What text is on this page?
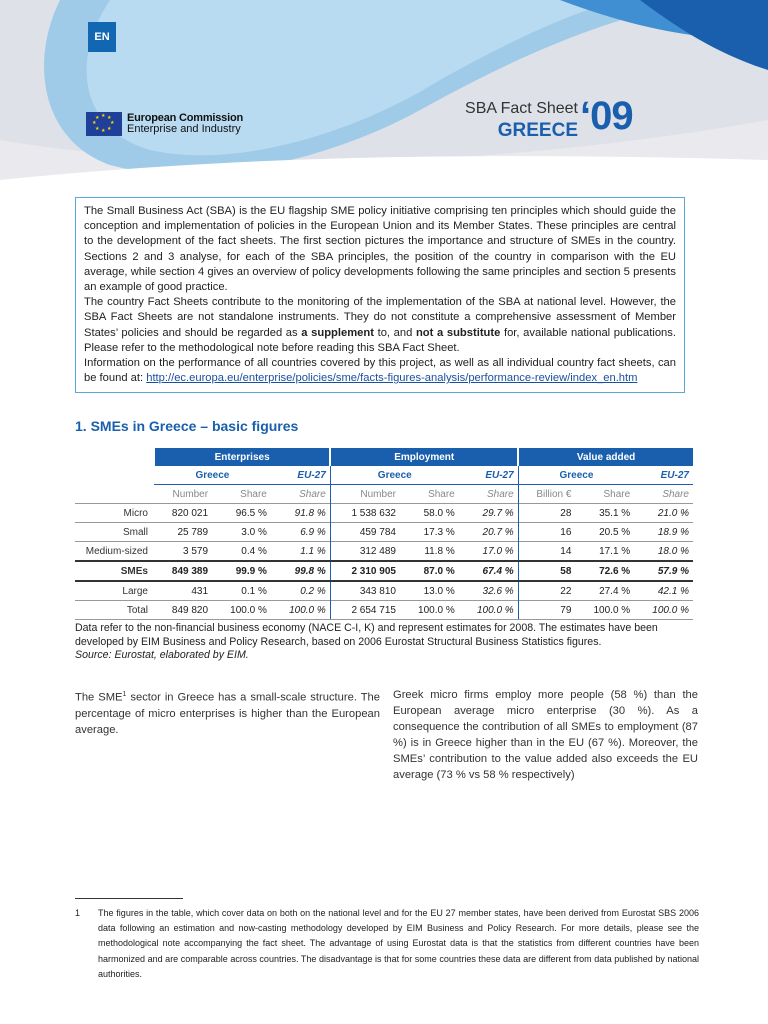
EN
★ ★
★
★
★
★
★
★	European Commission
Enterprise and Industry
SBA Fact Sheet
GREECE ‘09

The Small Business Act (SBA) is the EU flagship SME policy initiative comprising ten principles which should guide the conception and implementation of policies in the European Union and its Member States. These principles are central to the development of the fact sheets. The first section pictures the importance and structure of SMEs in the country. Sections 2 and 3 analyse, for each of the SBA principles, the position of the country in comparison with the EU average, while section 4 gives an overview of policy developments following the same principles and section 5 presents an example of good practice.

The country Fact Sheets contribute to the monitoring of the implementation of the SBA at national level. However, the SBA Fact Sheets are not standalone instruments. They do not constitute a comprehensive assessment of Member States’ policies and should be regarded as a supplement to, and not a substitute for, available national publications. Please refer to the methodological note before reading this SBA Fact Sheet.

Information on the performance of all countries covered by this project, as well as all individual country fact sheets, can be found at: http://ec.europa.eu/enterprise/policies/sme/facts-figures-analysis/performance-review/index_en.htm

1. SMEs in Greece – basic figures
	Enterprises			Employment			Value added		
	Greece		EU-27	Greece		EU-27	Greece		EU-27
	Number	Share	Share	Number	Share	Share	Billion €	Share	Share
Micro	820 021	96.5 %	91.8 %	1 538 632	58.0 %	29.7 %	28	35.1 %	21.0 %
Small	25 789	3.0 %	6.9 %	459 784	17.3 %	20.7 %	16	20.5 %	18.9 %
Medium-sized	3 579	0.4 %	1.1 %	312 489	11.8 %	17.0 %	14	17.1 %	18.0 %
SMEs	849 389	99.9 %	99.8 %	2 310 905	87.0 %	67.4 %	58	72.6 %	57.9 %
Large	431	0.1 %	0.2 %	343 810	13.0 %	32.6 %	22	27.4 %	42.1 %
Total	849 820	100.0 %	100.0 %	2 654 715	100.0 %	100.0 %	79	100.0 %	100.0 %
Data refer to the non-financial business economy (NACE C-I, K) and represent estimates for 2008. The estimates have been developed by EIM Business and Policy Research, based on 2006 Eurostat Structural Business Statistics figures.
Source: Eurostat, elaborated by EIM.
The SME$^1$ sector in Greece has a small-scale structure. The percentage of micro enterprises is higher than the European average.
Greek micro firms employ more people (58 %) than the European average micro enterprise (30 %). As a consequence the contribution of all SMEs to employment (87 %) is in Greece higher than in the EU (67 %). Moreover, the SMEs’ contribution to the value added also exceeds the EU average (73 % vs 58 % respectively)
1 The figures in the table, which cover data on both on the national level and for the EU 27 member states, have been derived from Eurostat SBS 2006 data following an estimation and now-casting methodology developed by EIM Business and Policy Research. For more details, please see the methodological note accompanying the fact sheet. The advantage of using Eurostat data is that the statistics from different countries have been harmonized and are comparable across countries. The disadvantage is that for some countries these data are different from data published by national authorities.
